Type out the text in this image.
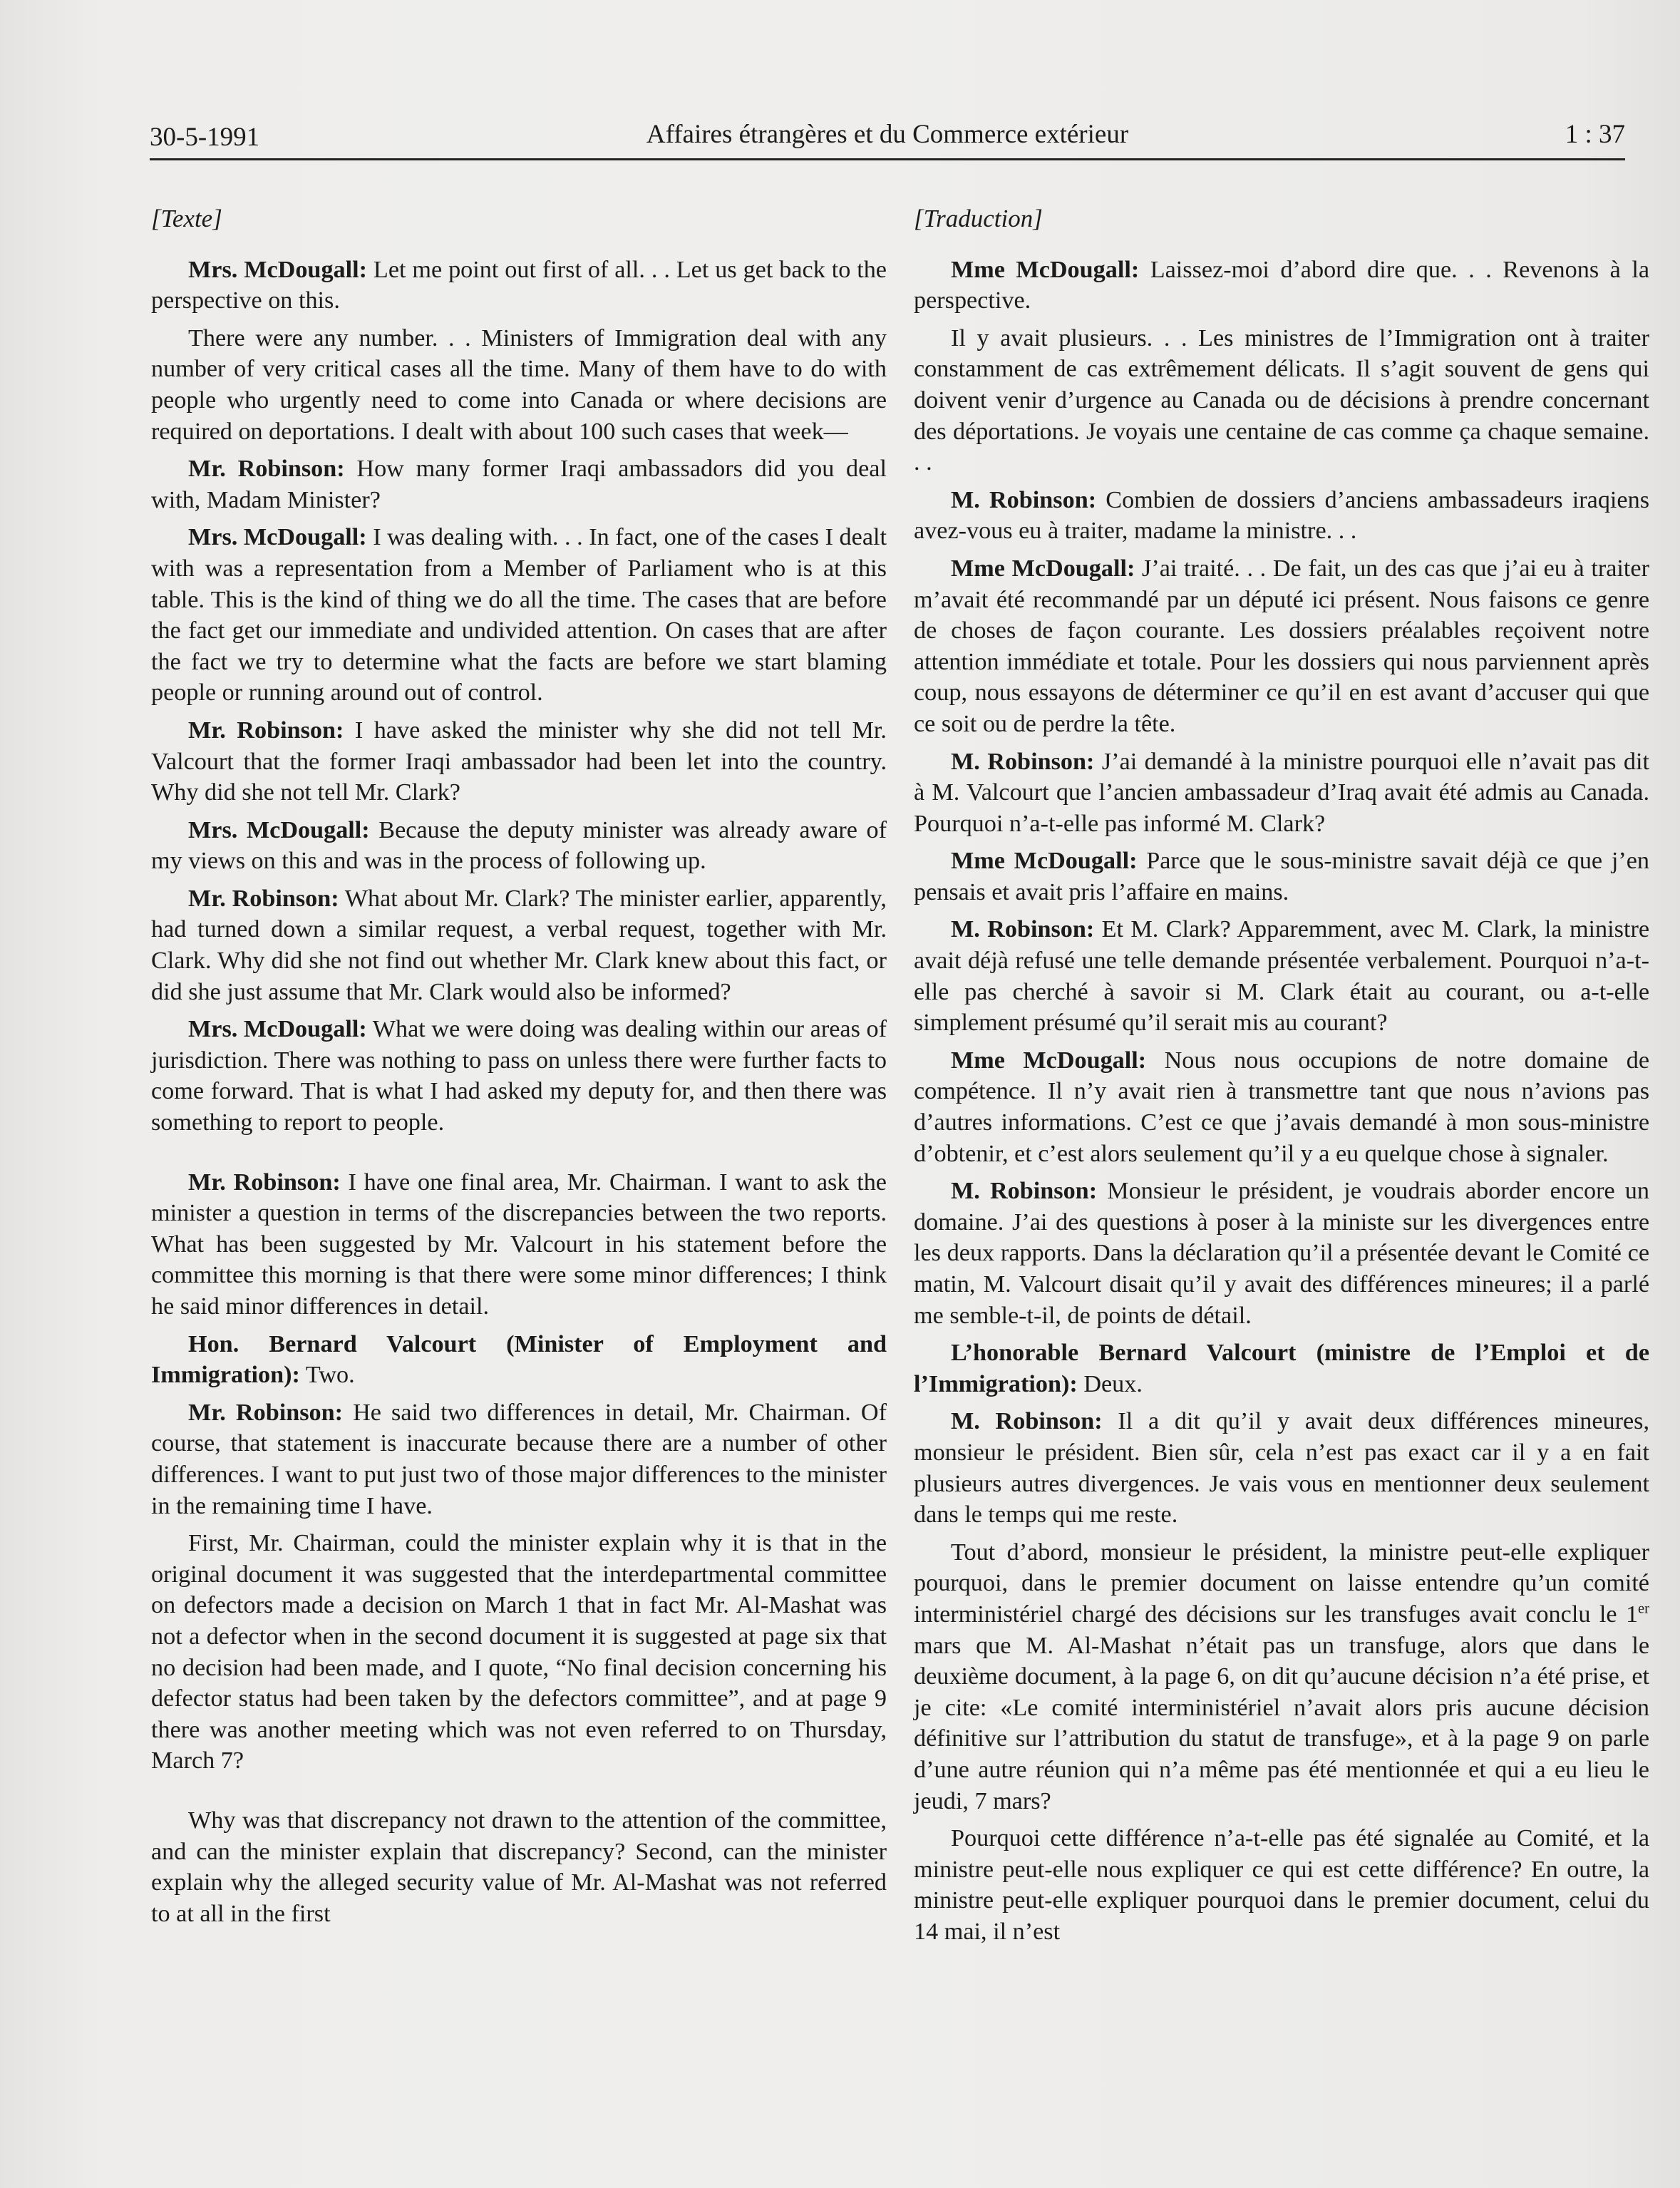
30-5-1991	Affaires étrangères et du Commerce extérieur	1 : 37

[Texte]

Mrs. McDougall: Let me point out first of all. . . Let us get back to the perspective on this.

There were any number. . . Ministers of Immigration deal with any number of very critical cases all the time. Many of them have to do with people who urgently need to come into Canada or where decisions are required on deportations. I dealt with about 100 such cases that week—

Mr. Robinson: How many former Iraqi ambassadors did you deal with, Madam Minister?

Mrs. McDougall: I was dealing with. . . In fact, one of the cases I dealt with was a representation from a Member of Parliament who is at this table. This is the kind of thing we do all the time. The cases that are before the fact get our immediate and undivided attention. On cases that are after the fact we try to determine what the facts are before we start blaming people or running around out of control.

Mr. Robinson: I have asked the minister why she did not tell Mr. Valcourt that the former Iraqi ambassador had been let into the country. Why did she not tell Mr. Clark?

Mrs. McDougall: Because the deputy minister was already aware of my views on this and was in the process of following up.

Mr. Robinson: What about Mr. Clark? The minister earlier, apparently, had turned down a similar request, a verbal request, together with Mr. Clark. Why did she not find out whether Mr. Clark knew about this fact, or did she just assume that Mr. Clark would also be informed?

Mrs. McDougall: What we were doing was dealing within our areas of jurisdiction. There was nothing to pass on unless there were further facts to come forward. That is what I had asked my deputy for, and then there was something to report to people.

Mr. Robinson: I have one final area, Mr. Chairman. I want to ask the minister a question in terms of the discrepancies between the two reports. What has been suggested by Mr. Valcourt in his statement before the committee this morning is that there were some minor differences; I think he said minor differences in detail.

Hon. Bernard Valcourt (Minister of Employment and Immigration): Two.

Mr. Robinson: He said two differences in detail, Mr. Chairman. Of course, that statement is inaccurate because there are a number of other differences. I want to put just two of those major differences to the minister in the remaining time I have.

First, Mr. Chairman, could the minister explain why it is that in the original document it was suggested that the interdepartmental committee on defectors made a decision on March 1 that in fact Mr. Al-Mashat was not a defector when in the second document it is suggested at page six that no decision had been made, and I quote, “No final decision concerning his defector status had been taken by the defectors committee”, and at page 9 there was another meeting which was not even referred to on Thursday, March 7?

Why was that discrepancy not drawn to the attention of the committee, and can the minister explain that discrepancy? Second, can the minister explain why the alleged security value of Mr. Al-Mashat was not referred to at all in the first

[Traduction]

Mme McDougall: Laissez-moi d’abord dire que. . . Revenons à la perspective.

Il y avait plusieurs. . . Les ministres de l’Immigration ont à traiter constamment de cas extrêmement délicats. Il s’agit souvent de gens qui doivent venir d’urgence au Canada ou de décisions à prendre concernant des déportations. Je voyais une centaine de cas comme ça chaque semaine. . .

M. Robinson: Combien de dossiers d’anciens ambassadeurs iraqiens avez-vous eu à traiter, madame la ministre. . .

Mme McDougall: J’ai traité. . . De fait, un des cas que j’ai eu à traiter m’avait été recommandé par un député ici présent. Nous faisons ce genre de choses de façon courante. Les dossiers préalables reçoivent notre attention immédiate et totale. Pour les dossiers qui nous parviennent après coup, nous essayons de déterminer ce qu’il en est avant d’accuser qui que ce soit ou de perdre la tête.

M. Robinson: J’ai demandé à la ministre pourquoi elle n’avait pas dit à M. Valcourt que l’ancien ambassadeur d’Iraq avait été admis au Canada. Pourquoi n’a-t-elle pas informé M. Clark?

Mme McDougall: Parce que le sous-ministre savait déjà ce que j’en pensais et avait pris l’affaire en mains.

M. Robinson: Et M. Clark? Apparemment, avec M. Clark, la ministre avait déjà refusé une telle demande présentée verbalement. Pourquoi n’a-t-elle pas cherché à savoir si M. Clark était au courant, ou a-t-elle simplement présumé qu’il serait mis au courant?

Mme McDougall: Nous nous occupions de notre domaine de compétence. Il n’y avait rien à transmettre tant que nous n’avions pas d’autres informations. C’est ce que j’avais demandé à mon sous-ministre d’obtenir, et c’est alors seulement qu’il y a eu quelque chose à signaler.

M. Robinson: Monsieur le président, je voudrais aborder encore un domaine. J’ai des questions à poser à la ministe sur les divergences entre les deux rapports. Dans la déclaration qu’il a présentée devant le Comité ce matin, M. Valcourt disait qu’il y avait des différences mineures; il a parlé me semble-t-il, de points de détail.

L’honorable Bernard Valcourt (ministre de l’Emploi et de l’Immigration): Deux.

M. Robinson: Il a dit qu’il y avait deux différences mineures, monsieur le président. Bien sûr, cela n’est pas exact car il y a en fait plusieurs autres divergences. Je vais vous en mentionner deux seulement dans le temps qui me reste.

Tout d’abord, monsieur le président, la ministre peut-elle expliquer pourquoi, dans le premier document on laisse entendre qu’un comité interministériel chargé des décisions sur les transfuges avait conclu le 1er mars que M. Al-Mashat n’était pas un transfuge, alors que dans le deuxième document, à la page 6, on dit qu’aucune décision n’a été prise, et je cite: «Le comité interministériel n’avait alors pris aucune décision définitive sur l’attribution du statut de transfuge», et à la page 9 on parle d’une autre réunion qui n’a même pas été mentionnée et qui a eu lieu le jeudi, 7 mars?

Pourquoi cette différence n’a-t-elle pas été signalée au Comité, et la ministre peut-elle nous expliquer ce qui est cette différence? En outre, la ministre peut-elle expliquer pourquoi dans le premier document, celui du 14 mai, il n’est
